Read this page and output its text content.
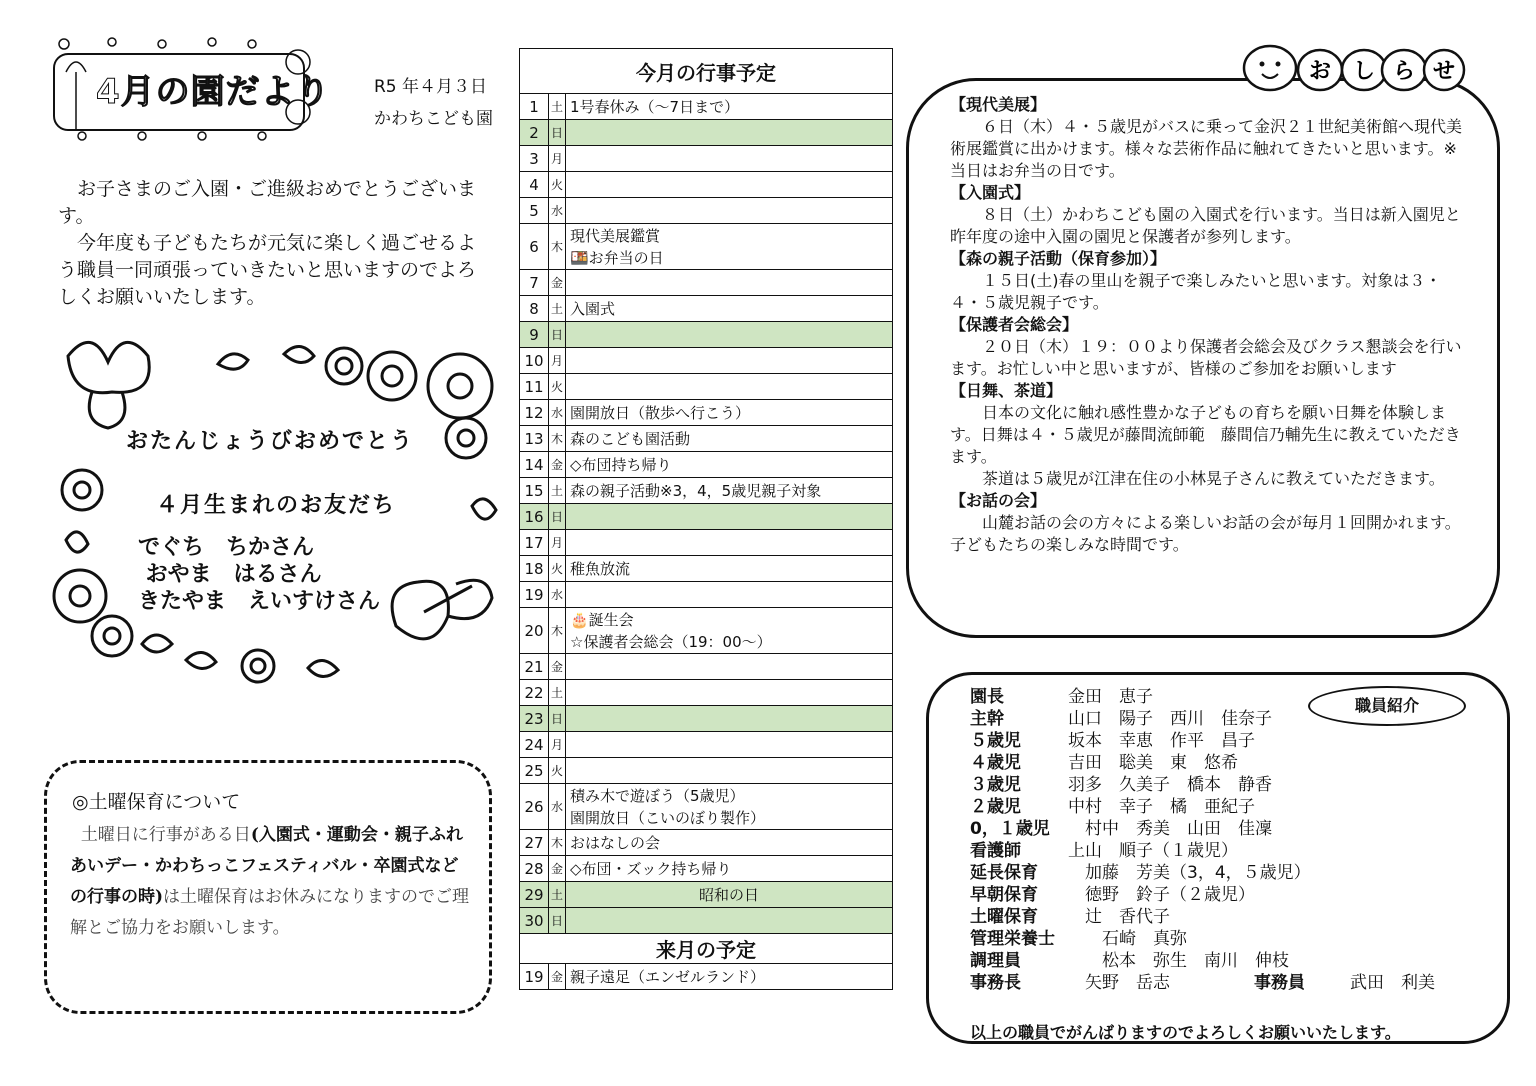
4月の園だより	R5 年４月３日
かわちこども園

お子さまのご入園・ご進級おめでとうございます。

今年度も子どもたちが元気に楽しく過ごせるよう職員一同頑張っていきたいと思いますのでよろしくお願いいたします。

おたんじょうびおめでとう
４月生まれのお友だち
でぐち　ちかさん
おやま　はるさん
きたやま　えいすけさん
◎土曜保育について
土曜日に行事がある日(入園式・運動会・親子ふれあいデー・かわちっこフェスティバル・卒園式などの行事の時)は土曜保育はお休みになりますのでご理解とご協力をお願いします。
今月の行事予定		
1	土	1号春休み（～7日まで）

2	日	

3	月	

4	火	

5	水	

6	木	現代美展鑑賞
🍱お弁当の日

7	金	

8	土	入園式

9	日	

10	月	

11	火	

12	水	園開放日（散歩へ行こう）

13	木	森のこども園活動

14	金	◇布団持ち帰り

15	土	森の親子活動※3，4，5歳児親子対象

16	日	

17	月	

18	火	稚魚放流

19	水	

20	木	🎂誕生会
☆保護者会総会（19：00～）

21	金	

22	土	

23	日	

24	月	

25	火	

26	水	積み木で遊ぼう（5歳児）
園開放日（こいのぼり製作）

27	木	おはなしの会

28	金	◇布団・ズック持ち帰り

29	土	昭和の日

30	日	

来月の予定		
19	金	親子遠足（エンゼルランド）
お し ら せ
【現代美展】
６日（木）４・５歳児がバスに乗って金沢２１世紀美術館へ現代美術展鑑賞に出かけます。様々な芸術作品に触れてきたいと思います。※当日はお弁当の日です。
【入園式】
８日（土）かわちこども園の入園式を行います。当日は新入園児と昨年度の途中入園の園児と保護者が参列します。
【森の親子活動（保育参加）】
１５日(土)春の里山を親子で楽しみたいと思います。対象は３・４・５歳児親子です。
【保護者会総会】
２０日（木）１９：００より保護者会総会及びクラス懇談会を行います。お忙しい中と思いますが、皆様のご参加をお願いします
【日舞、茶道】
日本の文化に触れ感性豊かな子どもの育ちを願い日舞を体験します。日舞は４・５歳児が藤間流師範　藤間信乃輔先生に教えていただきます。
茶道は５歳児が江津在住の小林晃子さんに教えていただきます。
【お話の会】
山麓お話の会の方々による楽しいお話の会が毎月１回開かれます。子どもたちの楽しみな時間です。
園長	金田　恵子
主幹	山口　陽子　西川　佳奈子
５歳児	坂本　幸恵　作平　昌子
４歳児	吉田　聡美　東　悠希
３歳児	羽多　久美子　橋本　静香
２歳児	中村　幸子　橘　亜紀子
0，１歳児 　村中　秀美　山田　佳凜
看護師	上山　順子（１歳児）
延長保育 　加藤　芳美（3，4，５歳児）
早朝保育 　徳野　鈴子（２歳児）
土曜保育 　辻　香代子
管理栄養士 　　石崎　真弥
調理員	　　松本　弥生　南川　伸枝
事務長	　矢野　岳志	事務員	武田　利美
職員紹介
以上の職員でがんばりますのでよろしくお願いいたします。
